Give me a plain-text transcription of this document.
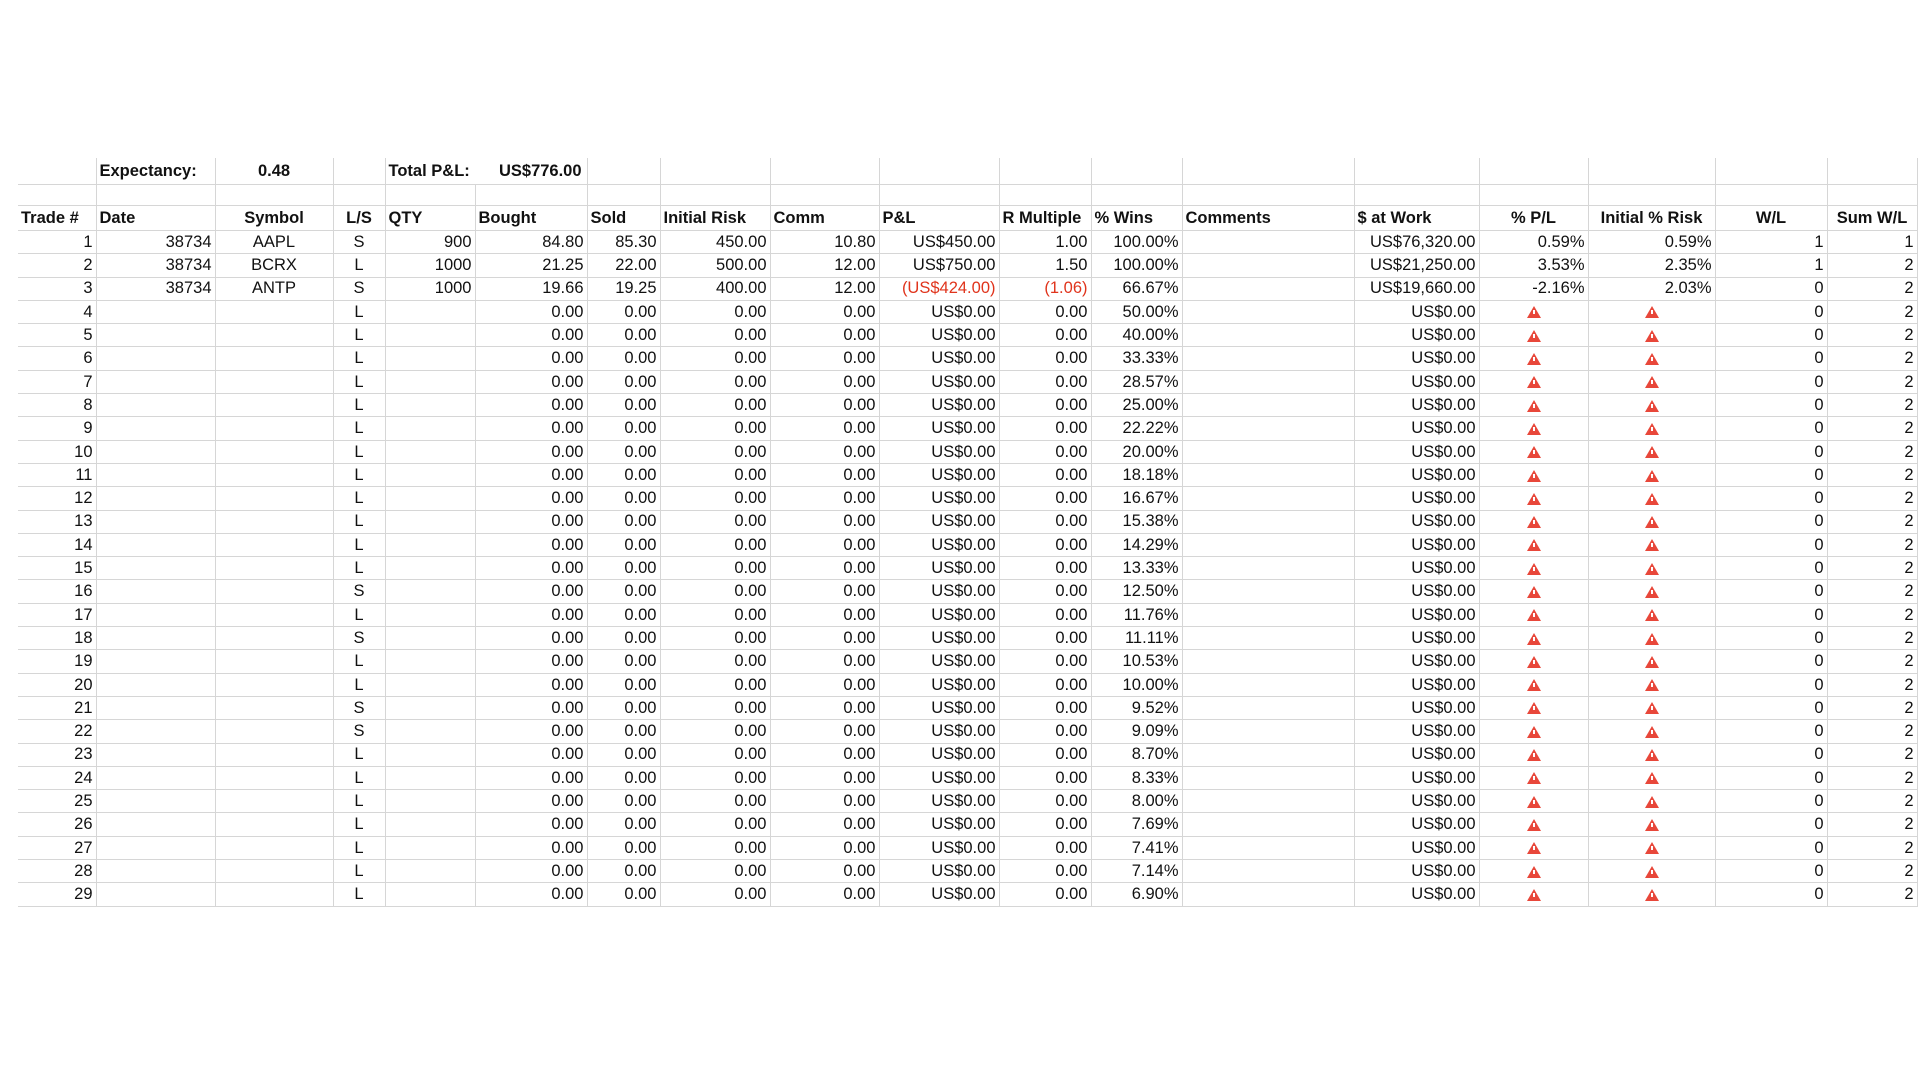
	Expectancy:	0.48		Total P&L: US$776.00													

Trade #	Date	Symbol	L/S	QTY	Bought	Sold	Initial Risk	Comm	P&L	R Multiple	% Wins	Comments	$ at Work	% P/L	Initial % Risk	W/L	Sum W/L
1	38734	AAPL	S	900	84.80	85.30	450.00	10.80	US$450.00	1.00	100.00%		US$76,320.00	0.59%	0.59%	1	1
2	38734	BCRX	L	1000	21.25	22.00	500.00	12.00	US$750.00	1.50	100.00%		US$21,250.00	3.53%	2.35%	1	2
3	38734	ANTP	S	1000	19.66	19.25	400.00	12.00	(US$424.00)	(1.06)	66.67%		US$19,660.00	-2.16%	2.03%	0	2
4			L		0.00	0.00	0.00	0.00	US$0.00	0.00	50.00%		US$0.00			0	2
5			L		0.00	0.00	0.00	0.00	US$0.00	0.00	40.00%		US$0.00			0	2
6			L		0.00	0.00	0.00	0.00	US$0.00	0.00	33.33%		US$0.00			0	2
7			L		0.00	0.00	0.00	0.00	US$0.00	0.00	28.57%		US$0.00			0	2
8			L		0.00	0.00	0.00	0.00	US$0.00	0.00	25.00%		US$0.00			0	2
9			L		0.00	0.00	0.00	0.00	US$0.00	0.00	22.22%		US$0.00			0	2
10			L		0.00	0.00	0.00	0.00	US$0.00	0.00	20.00%		US$0.00			0	2
11			L		0.00	0.00	0.00	0.00	US$0.00	0.00	18.18%		US$0.00			0	2
12			L		0.00	0.00	0.00	0.00	US$0.00	0.00	16.67%		US$0.00			0	2
13			L		0.00	0.00	0.00	0.00	US$0.00	0.00	15.38%		US$0.00			0	2
14			L		0.00	0.00	0.00	0.00	US$0.00	0.00	14.29%		US$0.00			0	2
15			L		0.00	0.00	0.00	0.00	US$0.00	0.00	13.33%		US$0.00			0	2
16			S		0.00	0.00	0.00	0.00	US$0.00	0.00	12.50%		US$0.00			0	2
17			L		0.00	0.00	0.00	0.00	US$0.00	0.00	11.76%		US$0.00			0	2
18			S		0.00	0.00	0.00	0.00	US$0.00	0.00	11.11%		US$0.00			0	2
19			L		0.00	0.00	0.00	0.00	US$0.00	0.00	10.53%		US$0.00			0	2
20			L		0.00	0.00	0.00	0.00	US$0.00	0.00	10.00%		US$0.00			0	2
21			S		0.00	0.00	0.00	0.00	US$0.00	0.00	9.52%		US$0.00			0	2
22			S		0.00	0.00	0.00	0.00	US$0.00	0.00	9.09%		US$0.00			0	2
23			L		0.00	0.00	0.00	0.00	US$0.00	0.00	8.70%		US$0.00			0	2
24			L		0.00	0.00	0.00	0.00	US$0.00	0.00	8.33%		US$0.00			0	2
25			L		0.00	0.00	0.00	0.00	US$0.00	0.00	8.00%		US$0.00			0	2
26			L		0.00	0.00	0.00	0.00	US$0.00	0.00	7.69%		US$0.00			0	2
27			L		0.00	0.00	0.00	0.00	US$0.00	0.00	7.41%		US$0.00			0	2
28			L		0.00	0.00	0.00	0.00	US$0.00	0.00	7.14%		US$0.00			0	2
29			L		0.00	0.00	0.00	0.00	US$0.00	0.00	6.90%		US$0.00			0	2
